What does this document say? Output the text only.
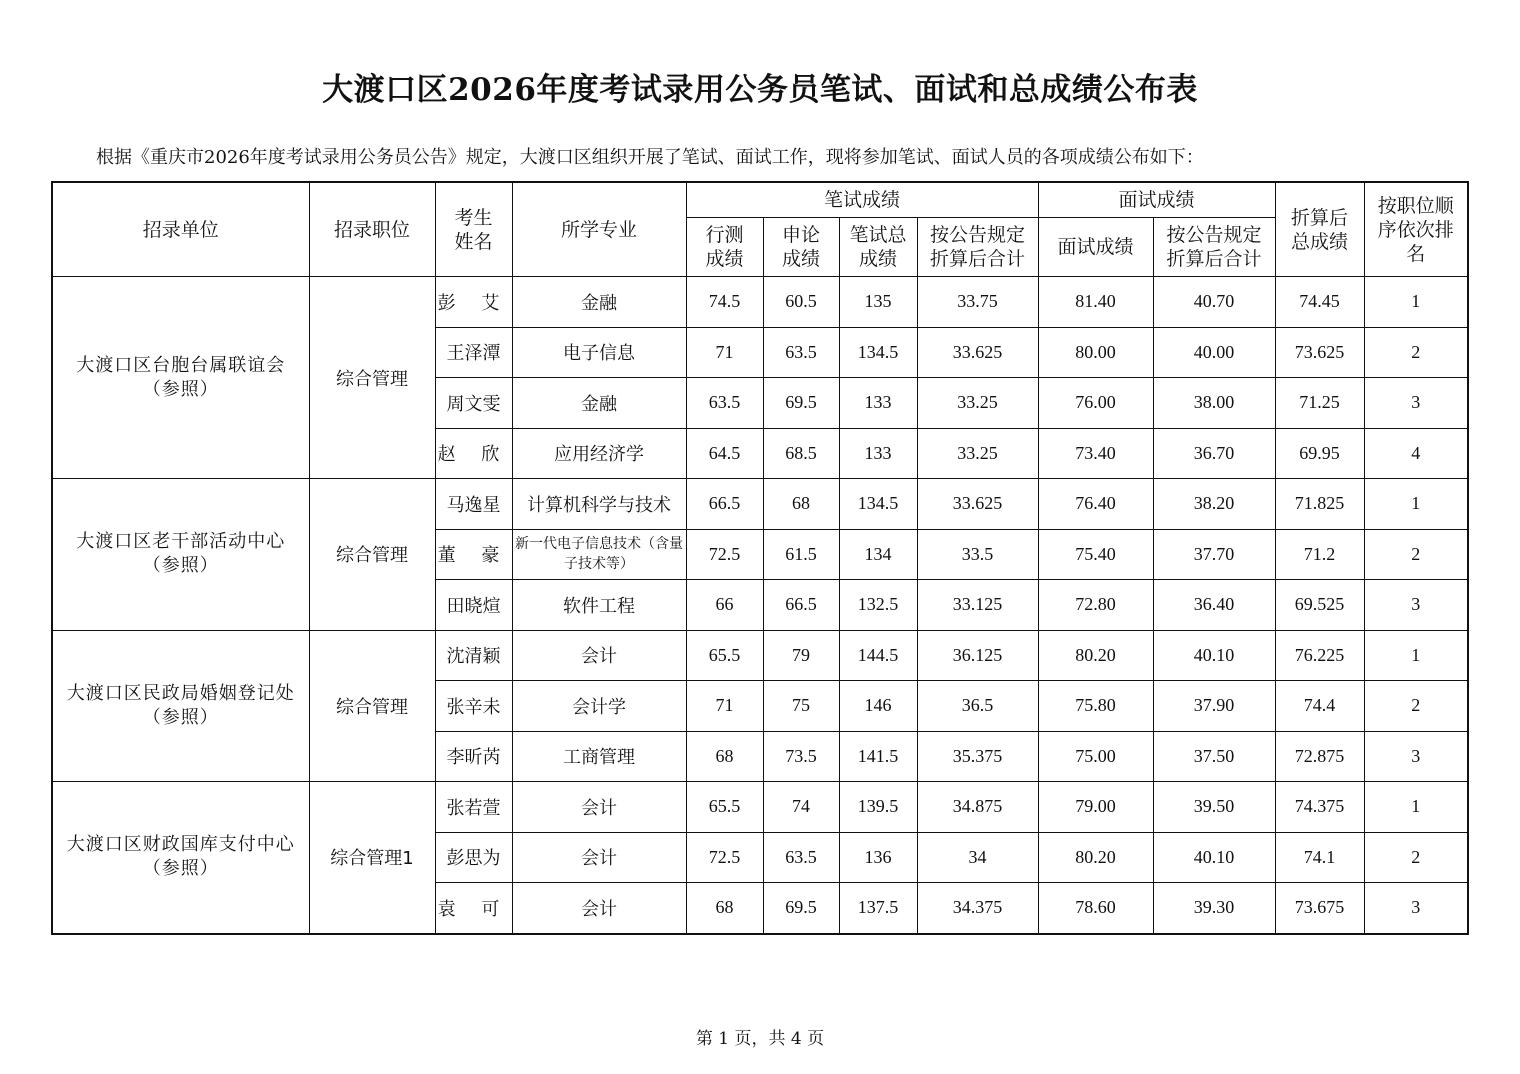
大渡口区2026年度考试录用公务员笔试、面试和总成绩公布表
根据《重庆市2026年度考试录用公务员公告》规定，大渡口区组织开展了笔试、面试工作，现将参加笔试、面试人员的各项成绩公布如下：
招录单位	招录职位	考生姓名	所学专业	笔试成绩				面试成绩		折算后总成绩	按职位顺序依次排名
				行测成绩	申论成绩	笔试总成绩	按公告规定折算后合计	面试成绩	按公告规定折算后合计		
大渡口区台胞台属联谊会
（参照）	综合管理	彭 艾	金融	74.5	60.5	135	33.75	81.40	40.70	74.45	1
		王泽潭	电子信息	71	63.5	134.5	33.625	80.00	40.00	73.625	2
		周文雯	金融	63.5	69.5	133	33.25	76.00	38.00	71.25	3
		赵 欣	应用经济学	64.5	68.5	133	33.25	73.40	36.70	69.95	4
大渡口区老干部活动中心
（参照）	综合管理	马逸星	计算机科学与技术	66.5	68	134.5	33.625	76.40	38.20	71.825	1
		董 豪	新一代电子信息技术（含量子技术等）	72.5	61.5	134	33.5	75.40	37.70	71.2	2
		田晓煊	软件工程	66	66.5	132.5	33.125	72.80	36.40	69.525	3
大渡口区民政局婚姻登记处
（参照）	综合管理	沈清颖	会计	65.5	79	144.5	36.125	80.20	40.10	76.225	1
		张辛未	会计学	71	75	146	36.5	75.80	37.90	74.4	2
		李昕芮	工商管理	68	73.5	141.5	35.375	75.00	37.50	72.875	3
大渡口区财政国库支付中心
（参照）	综合管理1	张若萱	会计	65.5	74	139.5	34.875	79.00	39.50	74.375	1
		彭思为	会计	72.5	63.5	136	34	80.20	40.10	74.1	2
		袁 可	会计	68	69.5	137.5	34.375	78.60	39.30	73.675	3
第 1 页，共 4 页
